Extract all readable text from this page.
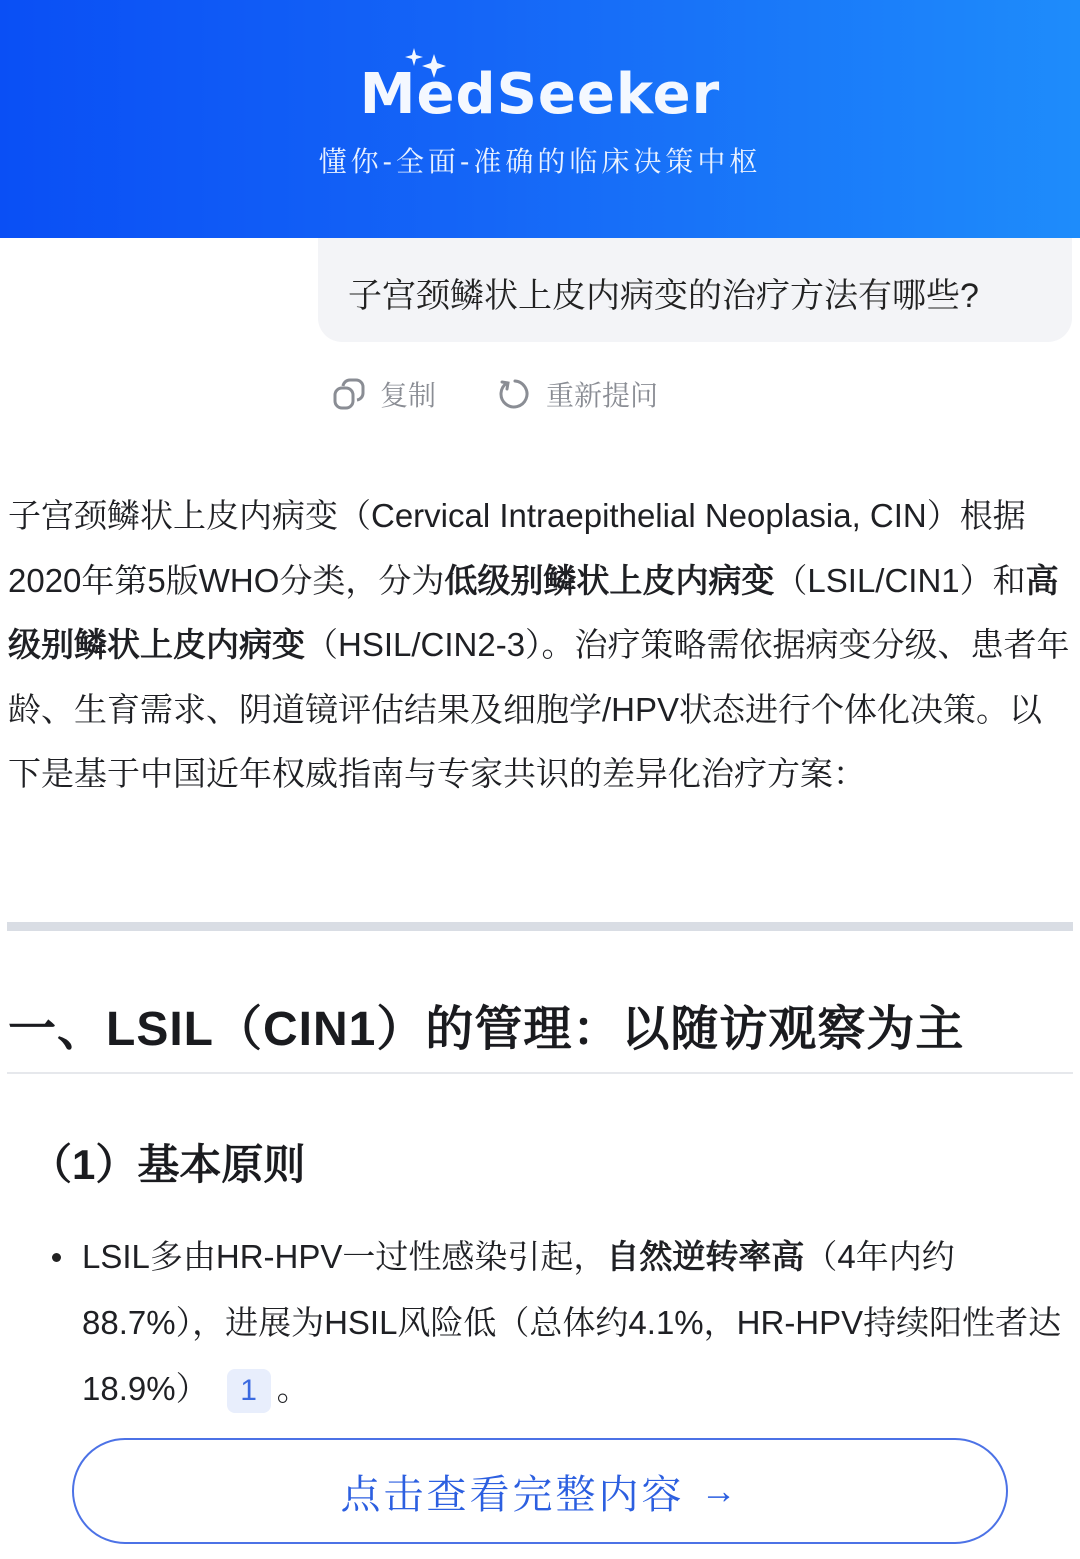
MedSeeker
懂你-全面-准确的临床决策中枢
子宫颈鳞状上皮内病变的治疗方法有哪些?
复制	重新提问
子宫颈鳞状上皮内病变（Cervical Intraepithelial Neoplasia, CIN）根据2020年第5版WHO分类，分为低级别鳞状上皮内病变（LSIL/CIN1）和高级别鳞状上皮内病变（HSIL/CIN2-3）。治疗策略需依据病变分级、患者年龄、生育需求、阴道镜评估结果及细胞学/HPV状态进行个体化决策。以下是基于中国近年权威指南与专家共识的差异化治疗方案：
一、LSIL（CIN1）的管理：以随访观察为主
（1）基本原则
LSIL多由HR-HPV一过性感染引起，自然逆转率高（4年内约88.7%），进展为HSIL风险低（总体约4.1%，HR-HPV持续阳性者达18.9%） 1 。
点击查看完整内容 →
